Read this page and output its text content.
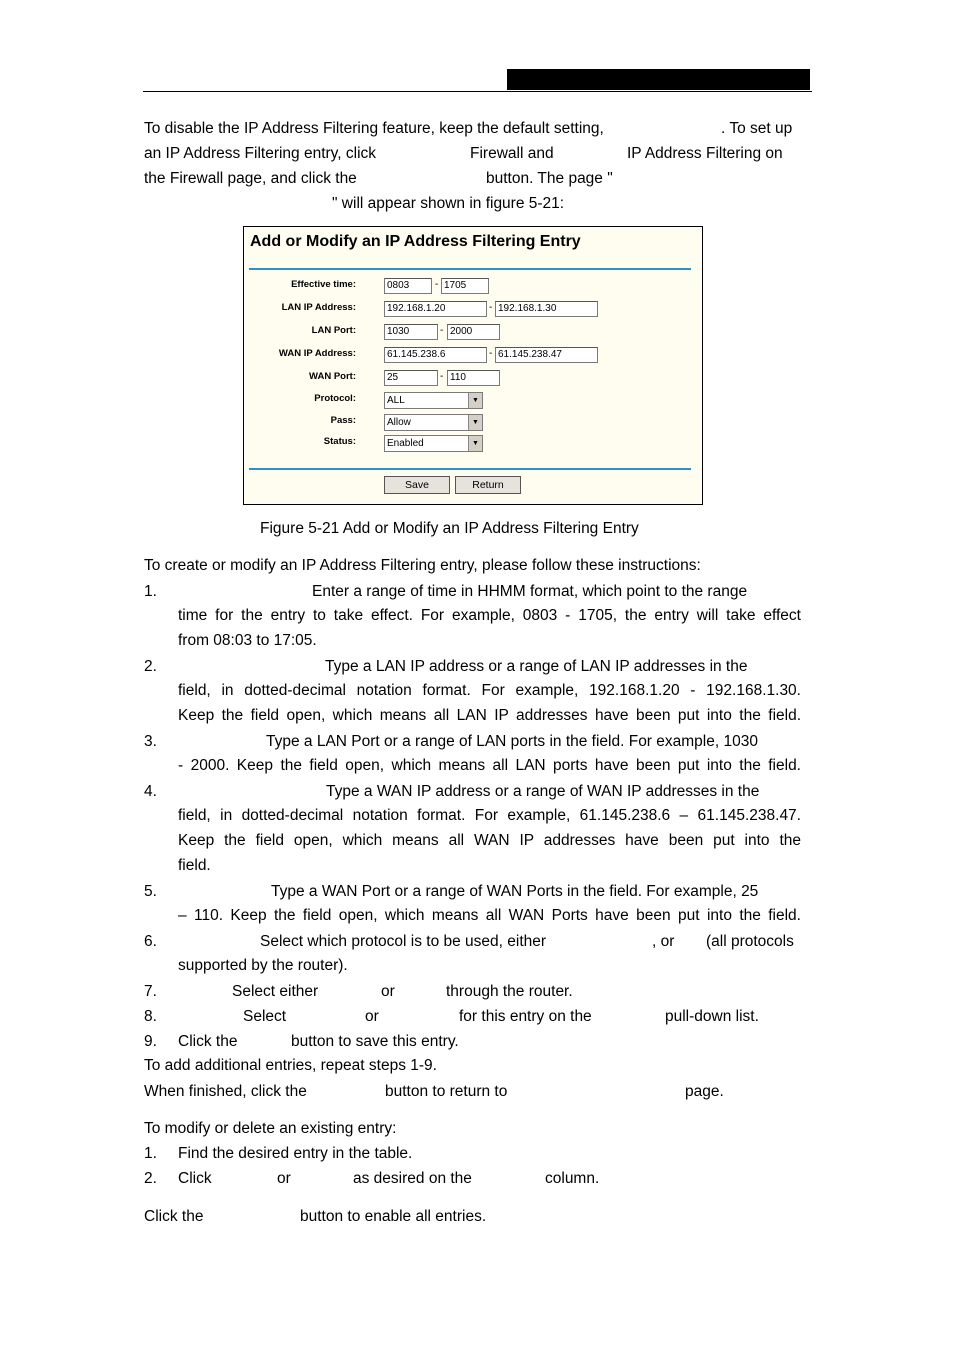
To disable the IP Address Filtering feature, keep the default setting,	. To set up
an IP Address Filtering entry, click	Firewall and	IP Address Filtering on
the Firewall page, and click the	button. The page "
" will appear shown in figure 5-21:
Add or Modify an IP Address Filtering Entry
Effective time:	0803	- 1705
LAN IP Address:	192.168.1.20	- 192.168.1.30
LAN Port:	1030	- 2000
WAN IP Address:	61.145.238.6	- 61.145.238.47
WAN Port:	25	- 110
Protocol:	ALL	▼
Pass:	Allow	▼
Status:	Enabled	▼
Save	Return
Figure 5-21 Add or Modify an IP Address Filtering Entry
To create or modify an IP Address Filtering entry, please follow these instructions:
1.	Enter a range of time in HHMM format, which point to the range
time for the entry to take effect. For example, 0803 - 1705, the entry will take effect
from 08:03 to 17:05.
2.	Type a LAN IP address or a range of LAN IP addresses in the
field, in dotted-decimal notation format. For example, 192.168.1.20 - 192.168.1.30.
Keep the field open, which means all LAN IP addresses have been put into the field.
3.	Type a LAN Port or a range of LAN ports in the field. For example, 1030
- 2000. Keep the field open, which means all LAN ports have been put into the field.
4.	Type a WAN IP address or a range of WAN IP addresses in the
field, in dotted-decimal notation format. For example, 61.145.238.6 – 61.145.238.47.
Keep the field open, which means all WAN IP addresses have been put into the
field.
5.	Type a WAN Port or a range of WAN Ports in the field. For example, 25
– 110. Keep the field open, which means all WAN Ports have been put into the field.
6.	Select which protocol is to be used, either	, or (all protocols
supported by the router).
7.	Select either	or	through the router.
8.	Select	or	for this entry on the	pull-down list.
9. Click the	button to save this entry.
To add additional entries, repeat steps 1-9.
When finished, click the	button to return to	page.
To modify or delete an existing entry:
1. Find the desired entry in the table.
2. Click	or	as desired on the	column.
Click the	button to enable all entries.
